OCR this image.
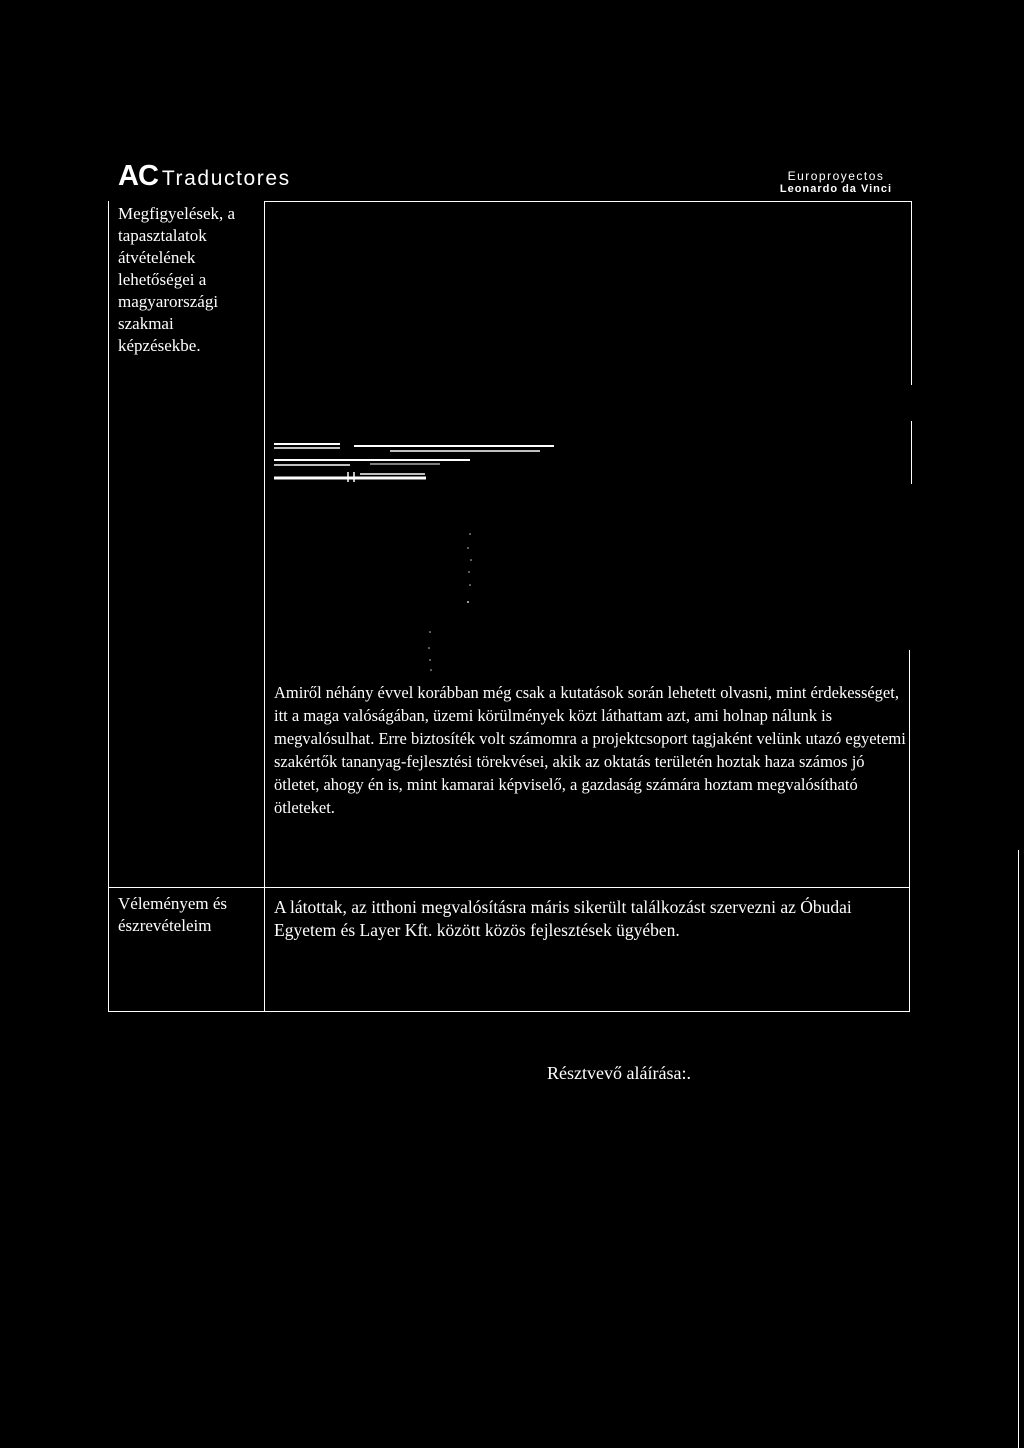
AC Traductores	Europroyectos
Leonardo da Vinci
Megfigyelések, a tapasztalatok átvételének lehetőségei a magyarországi szakmai képzésekbe.
Amiről néhány évvel korábban még csak a kutatások során lehetett olvasni, mint érdekességet, itt a maga valóságában, üzemi körülmények közt láthattam azt, ami holnap nálunk is megvalósulhat. Erre biztosíték volt számomra a projektcsoport tagjaként velünk utazó egyetemi szakértők tananyag-fejlesztési törekvései, akik az oktatás területén hoztak haza számos jó ötletet, ahogy én is, mint kamarai képviselő, a gazdaság számára hoztam megvalósítható ötleteket.
Véleményem és észrevételeim
A látottak, az itthoni megvalósításra máris sikerült találkozást szervezni az Óbudai Egyetem és Layer Kft. között közös fejlesztések ügyében.
Résztvevő aláírása:.
